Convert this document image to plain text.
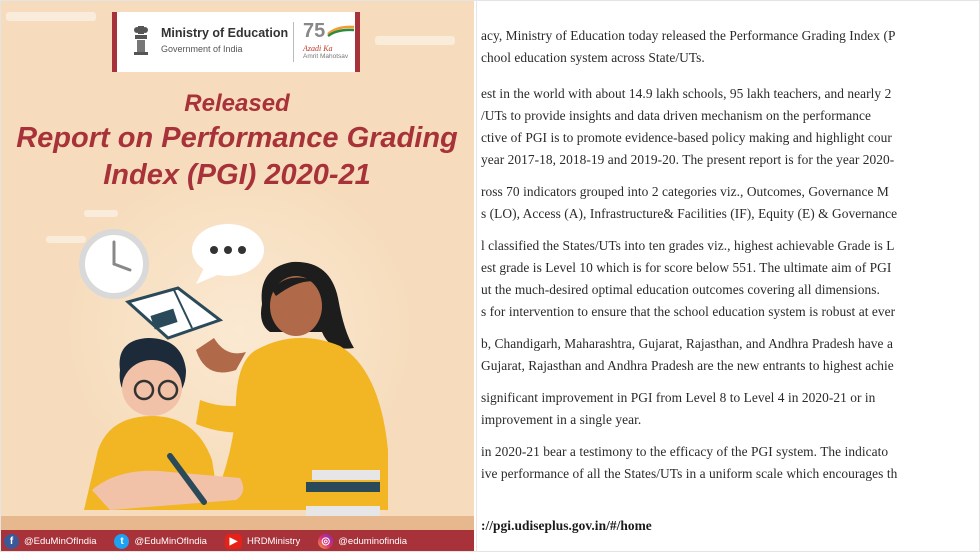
Ministry of Education
Government of India
75
Azadi Ka
Amrit Mahotsav
Released
Report on Performance Grading
Index (PGI) 2020-21
f	@EduMinOfIndia	t	@EduMinOfIndia	▶	HRDMinistry	◎ @eduminofindia
acy, Ministry of Education today released the Performance Grading Index (P
chool education system across State/UTs.
est in the world with about 14.9 lakh schools, 95 lakh teachers, and nearly 2
/UTs to provide insights and data driven mechanism on the performance
ctive of PGI is to promote evidence-based policy making and highlight cour
year 2017-18, 2018-19 and 2019-20. The present report is for the year 2020-
ross 70 indicators grouped into 2 categories viz., Outcomes, Governance M
s (LO), Access (A), Infrastructure& Facilities (IF), Equity (E) & Governance
l classified the States/UTs into ten grades viz., highest achievable Grade is L
est grade is Level 10 which is for score below 551. The ultimate aim of PGI
ut the much-desired optimal education outcomes covering all dimensions.
s for intervention to ensure that the school education system is robust at ever
b, Chandigarh, Maharashtra, Gujarat, Rajasthan, and Andhra Pradesh have a
Gujarat, Rajasthan and Andhra Pradesh are the new entrants to highest achie
significant improvement in PGI from Level 8 to Level 4 in 2020-21 or in
improvement in a single year.
in 2020-21 bear a testimony to the efficacy of the PGI system. The indicato
ive performance of all the States/UTs in a uniform scale which encourages th
://pgi.udiseplus.gov.in/#/home
